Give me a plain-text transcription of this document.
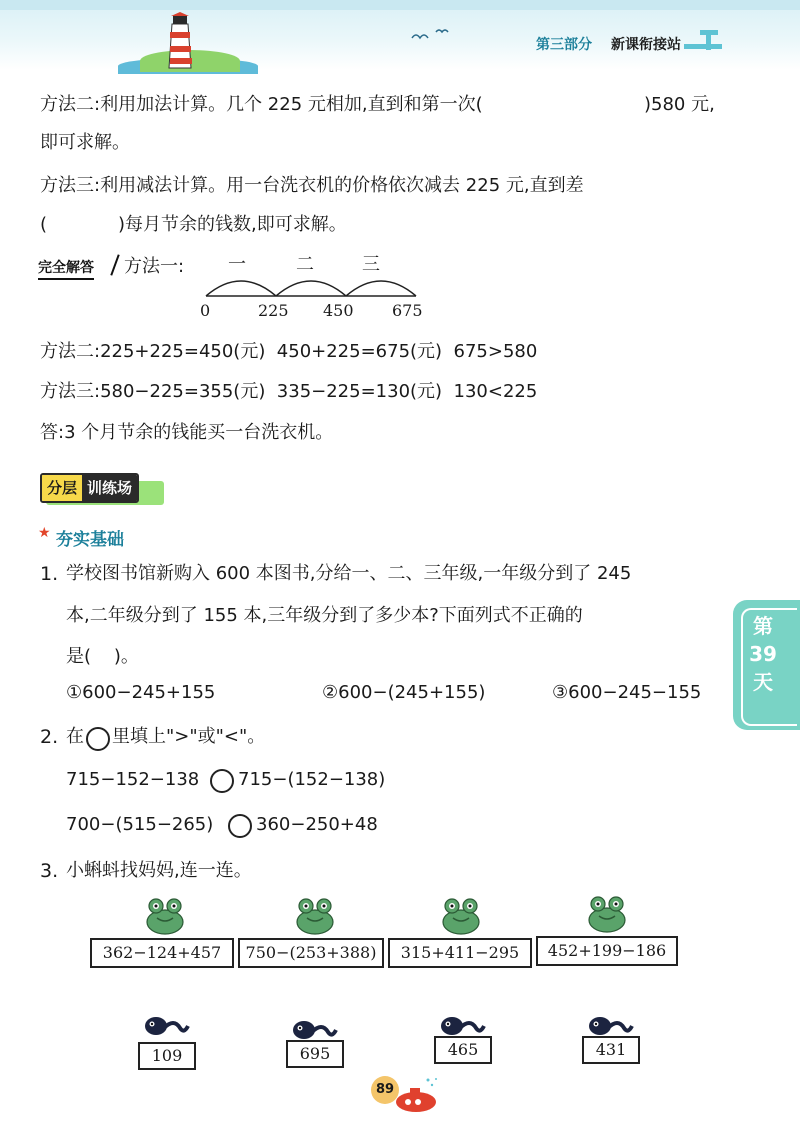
第三部分 新课衔接站
方法二:利用加法计算。几个 225 元相加,直到和第一次(	)580 元,
即可求解。
方法三:利用减法计算。用一台洗衣机的价格依次减去 225 元,直到差
(	)每月节余的钱数,即可求解。
完全解答 方法一: 一	二	三
0	225 450 675
方法二:225+225=450(元)  450+225=675(元)  675>580
方法三:580−225=355(元)  335−225=130(元)  130<225
答:3 个月节余的钱能买一台洗衣机。
分层 训练场
★ 夯实基础
第
39
天
1. 学校图书馆新购入 600 本图书,分给一、二、三年级,一年级分到了 245
本,二年级分到了 155 本,三年级分到了多少本?下面列式不正确的
是(    )。
①600−245+155	②600−(245+155)	③600−245−155
2. 在 里填上">"或"<"。
715−152−138 715−(152−138)
700−(515−265) 360−250+48
3. 小蝌蚪找妈妈,连一连。
362−124+457	750−(253+388)	315+411−295	452+199−186
109	695	465	431
89
